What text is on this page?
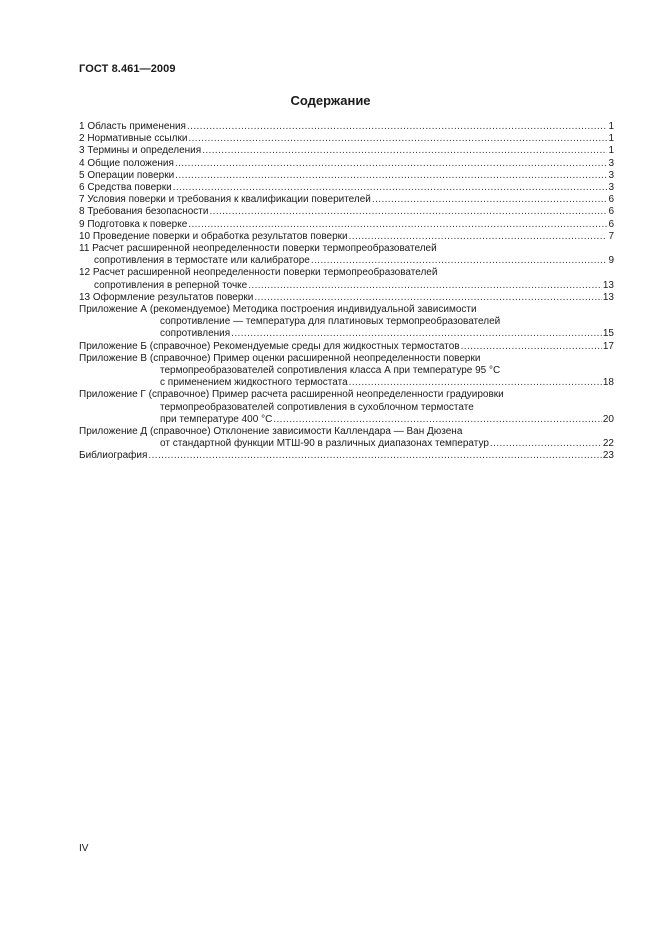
ГОСТ 8.461—2009
Содержание
1 Область применения .....	1
2 Нормативные ссылки .....	1
3 Термины и определения .....	1
4 Общие положения .....	3
5 Операции поверки .....	3
6 Средства поверки .....	3
7 Условия поверки и требования к квалификации поверителей .....	6
8 Требования безопасности .....	6
9 Подготовка к поверке .....	6
10 Проведение поверки и обработка результатов поверки .....	7
11 Расчет расширенной неопределенности поверки термопреобразователей
сопротивления в термостате или калибраторе .....	9
12 Расчет расширенной неопределенности поверки термопреобразователей
сопротивления в реперной точке .....	13
13 Оформление результатов поверки .....	13
Приложение А (рекомендуемое) Методика построения индивидуальной зависимости
сопротивление — температура для платиновых термопреобразователей
сопротивления .....	15
Приложение Б (справочное) Рекомендуемые среды для жидкостных термостатов .....	17
Приложение В (справочное) Пример оценки расширенной неопределенности поверки
термопреобразователей сопротивления класса А при температуре 95 °С
с применением жидкостного термостата .....	18
Приложение Г (справочное) Пример расчета расширенной неопределенности градуировки
термопреобразователей сопротивления в сухоблочном термостате
при температуре 400 °С .....	20
Приложение Д (справочное) Отклонение зависимости Каллендара — Ван Дюзена
от стандартной функции МТШ-90 в различных диапазонах температур .....	22
Библиография .....	23
IV
